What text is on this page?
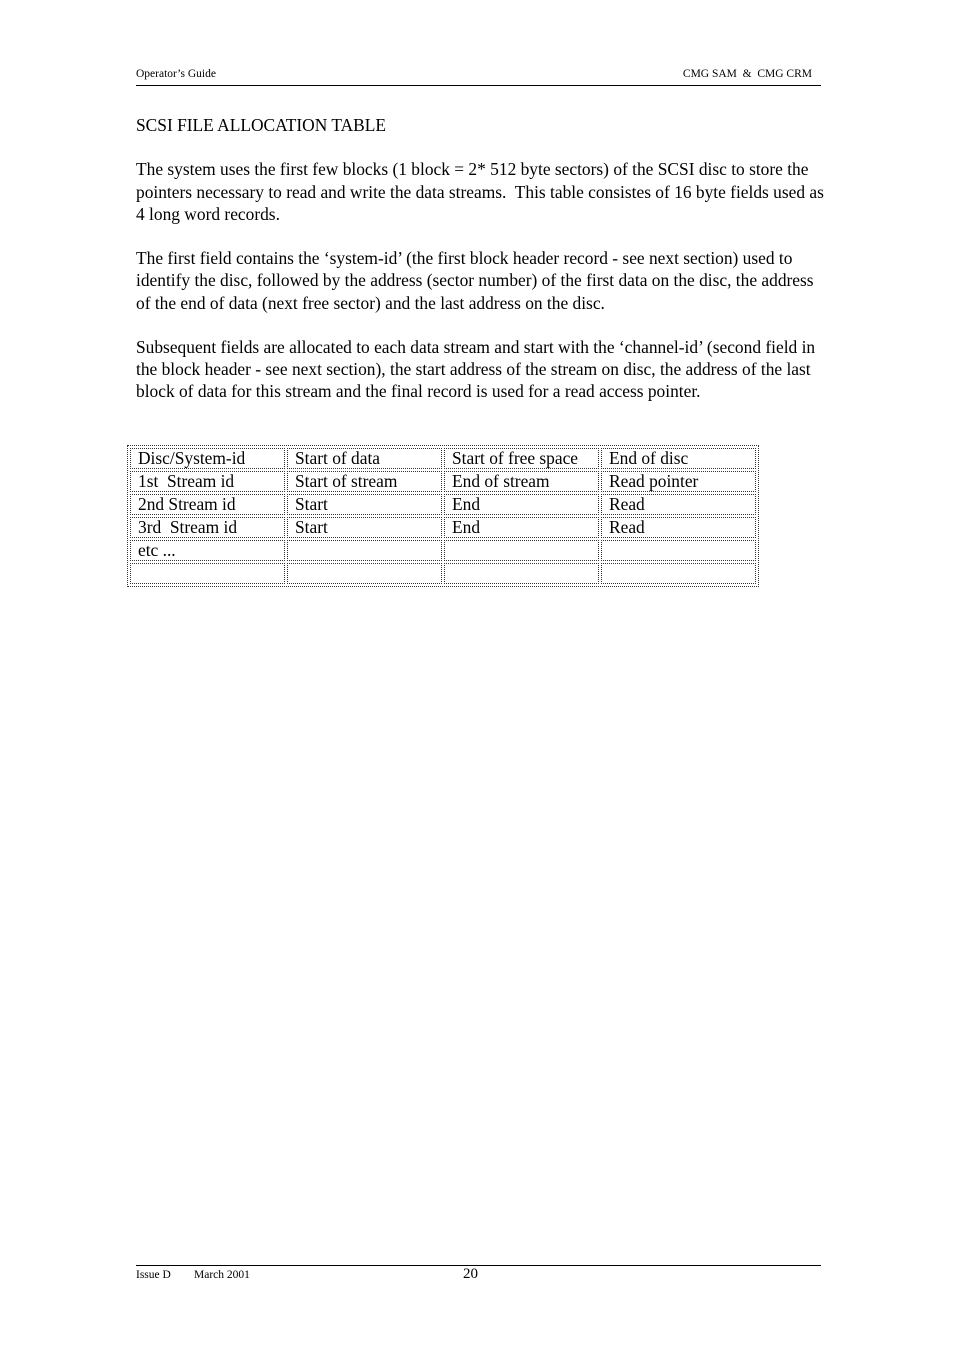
Operator’s Guide	CMG SAM  &  CMG CRM
SCSI FILE ALLOCATION TABLE

The system uses the first few blocks (1 block = 2* 512 byte sectors) of the SCSI disc to store the pointers necessary to read and write the data streams.  This table consistes of 16 byte fields used as 4 long word records.

The first field contains the ‘system-id’ (the first block header record - see next section) used to identify the disc, followed by the address (sector number) of the first data on the disc, the address of the end of data (next free sector) and the last address on the disc.

Subsequent fields are allocated to each data stream and start with the ‘channel-id’ (second field in the block header - see next section), the start address of the stream on disc, the address of the last block of data for this stream and the final record is used for a read access pointer.

Disc/System-id	Start of data	Start of free space	End of disc
1st  Stream id	Start of stream	End of stream	Read pointer
2nd Stream id	Start	End	Read
3rd  Stream id	Start	End	Read
etc ...			

Issue D March 2001	20
